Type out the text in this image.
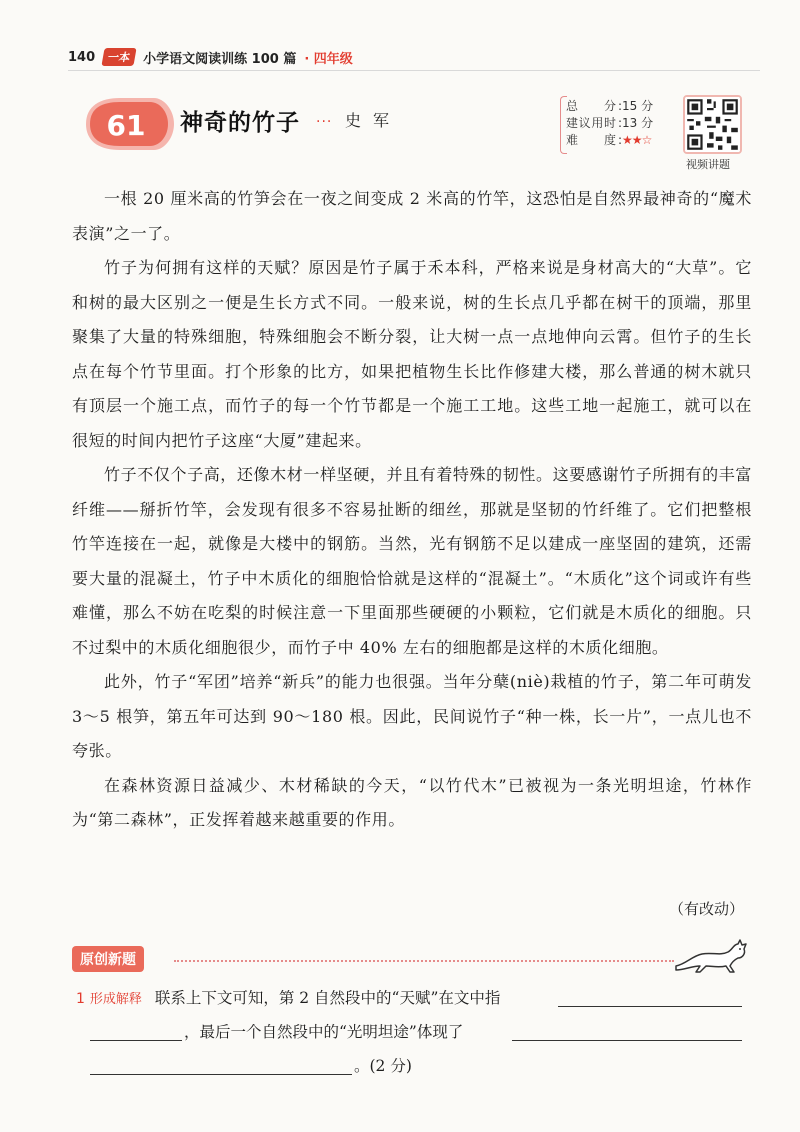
140	一本 小学语文阅读训练 100 篇 · 四年级
61 神奇的竹子 ··· 史军
总分 :15 分
建议用时 :13 分
难度 : ★★☆
视频讲题

一根 20 厘米高的竹笋会在一夜之间变成 2 米高的竹竿，这恐怕是自然界最神奇的“魔术表演”之一了。

竹子为何拥有这样的天赋？原因是竹子属于禾本科，严格来说是身材高大的“大草”。它和树的最大区别之一便是生长方式不同。一般来说，树的生长点几乎都在树干的顶端，那里聚集了大量的特殊细胞，特殊细胞会不断分裂，让大树一点一点地伸向云霄。但竹子的生长点在每个竹节里面。打个形象的比方，如果把植物生长比作修建大楼，那么普通的树木就只有顶层一个施工点，而竹子的每一个竹节都是一个施工工地。这些工地一起施工，就可以在很短的时间内把竹子这座“大厦”建起来。

竹子不仅个子高，还像木材一样坚硬，并且有着特殊的韧性。这要感谢竹子所拥有的丰富纤维——掰折竹竿，会发现有很多不容易扯断的细丝，那就是坚韧的竹纤维了。它们把整根竹竿连接在一起，就像是大楼中的钢筋。当然，光有钢筋不足以建成一座坚固的建筑，还需要大量的混凝土，竹子中木质化的细胞恰恰就是这样的“混凝土”。“木质化”这个词或许有些难懂，那么不妨在吃梨的时候注意一下里面那些硬硬的小颗粒，它们就是木质化的细胞。只不过梨中的木质化细胞很少，而竹子中 40% 左右的细胞都是这样的木质化细胞。

此外，竹子“军团”培养“新兵”的能力也很强。当年分蘖(niè)栽植的竹子，第二年可萌发 3～5 根笋，第五年可达到 90～180 根。因此，民间说竹子“种一株，长一片”，一点儿也不夸张。

在森林资源日益减少、木材稀缺的今天，“以竹代木”已被视为一条光明坦途，竹林作为“第二森林”，正发挥着越来越重要的作用。

（有改动）
原创新题
1 形成解释 联系上下文可知，第 2 自然段中的“天赋”在文中指
，最后一个自然段中的“光明坦途”体现了
。(2 分)
